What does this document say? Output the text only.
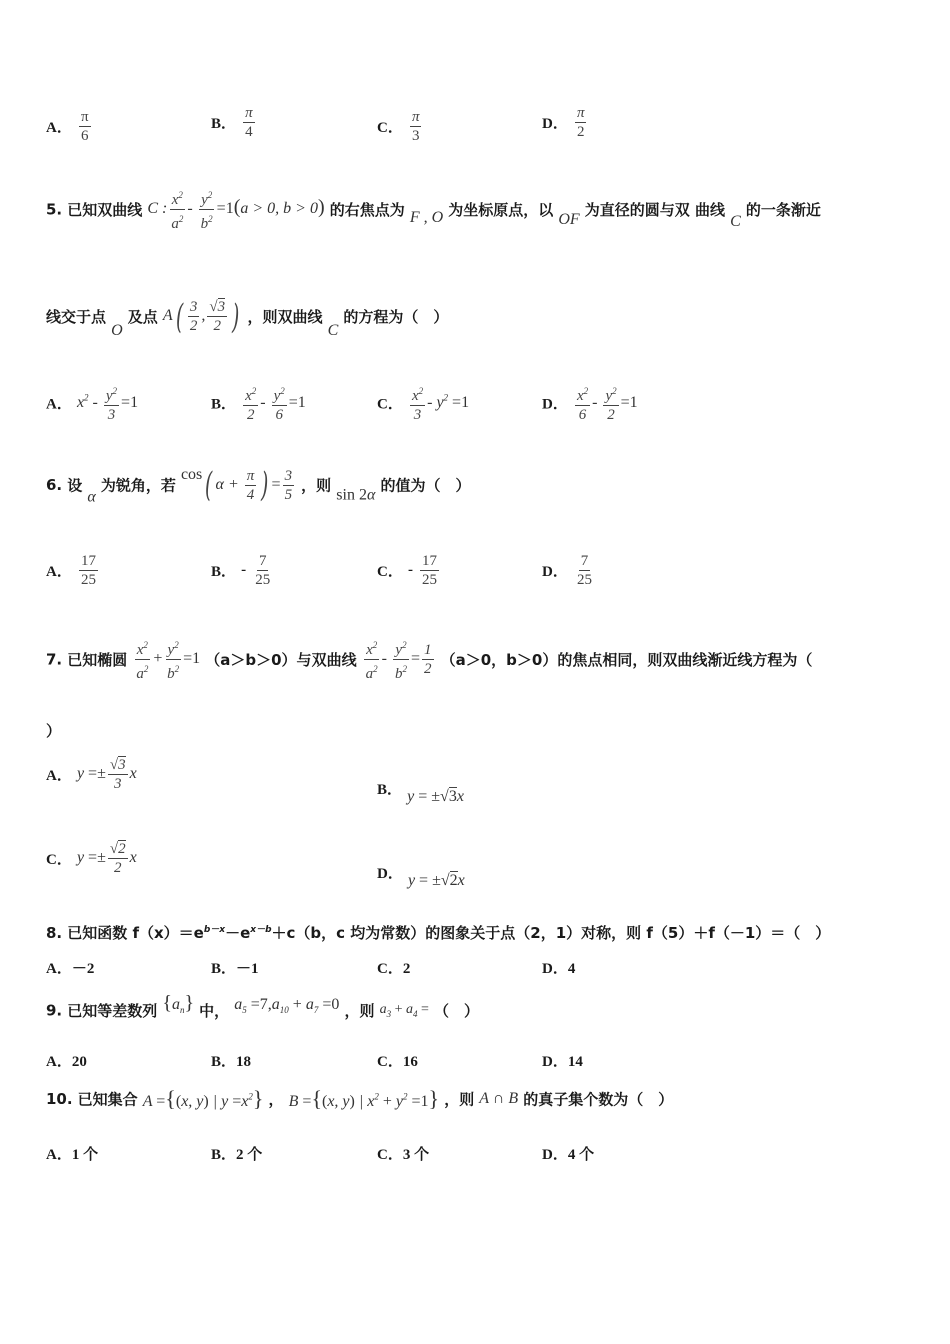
A． $\frac{\pi}{6}$	B． $\frac{\pi}{4}$	C． $\frac{\pi}{3}$	D． $\frac{\pi}{2}$
5. 已知双曲线 C : $\frac{x^2}{a^2} - \frac{y^2}{b^2} =1(a > 0$, b > 0) 的右焦点为 F , O 为坐标原点，以 OF 为直径的圆与双 曲线 C 的一条渐近
线交于点 O 及点 $A( \frac{3}{2}$ , $\frac{√3}{2}$ ) ，则双曲线 C 的方程为（　）
A． $x^2 - \frac{y^2}{3} =1$	B． $\frac{x^2}{2} - \frac{y^2}{6} =1$	C． $\frac{x^2}{3} - y^2 =1$	D． $\frac{x^2}{6} - \frac{y^2}{2} =1$
6. 设 α 为锐角，若 cos( $\alpha + \frac{\pi}{4}$ ) = $\frac{3}{5}$ ，则 sin 2α 的值为（　）
A． $\frac{17}{25}$	B． - $\frac{7}{25}$	C． - $\frac{17}{25}$	D． $\frac{7}{25}$
7. 已知椭圆 $\frac{x^2}{a^2} + \frac{y^2}{b^2} =1$ （a＞b＞0）与双曲线 $\frac{x^2}{a^2} - \frac{y^2}{b^2} = \frac{1}{2} (a>0$，b＞0）的焦点相同，则双曲线渐近线方程为（
）
A． $y =\pm \frac{√3}{3}$ x
B． y = ±√3x
C． $y =\pm \frac{√2}{2}$ x
D． y = ±√2x
8. 已知函数 $f(x)=e^{b-x}-e^{x-b}+c(b$，c 均为常数）的图象关于点（2，1）对称，则 f（5）＋f（－1）＝（　）
A．－2	B．－1	C．2	D．4
9. 已知等差数列 $\{a_n\}$ 中， $a_5 =7,a_{10} + a_7 =0$ ，则 $a_3 + a_4$ = （　）
A．20	B．18	C．16	D．14
10. 已知集合 A ={(x, y) | $y =x^2$} ， B ={(x, y) | $x^2 + y^2 =1$} ，则 A ∩ B 的真子集个数为（　）
A．1 个	B．2 个	C．3 个	D．4 个
